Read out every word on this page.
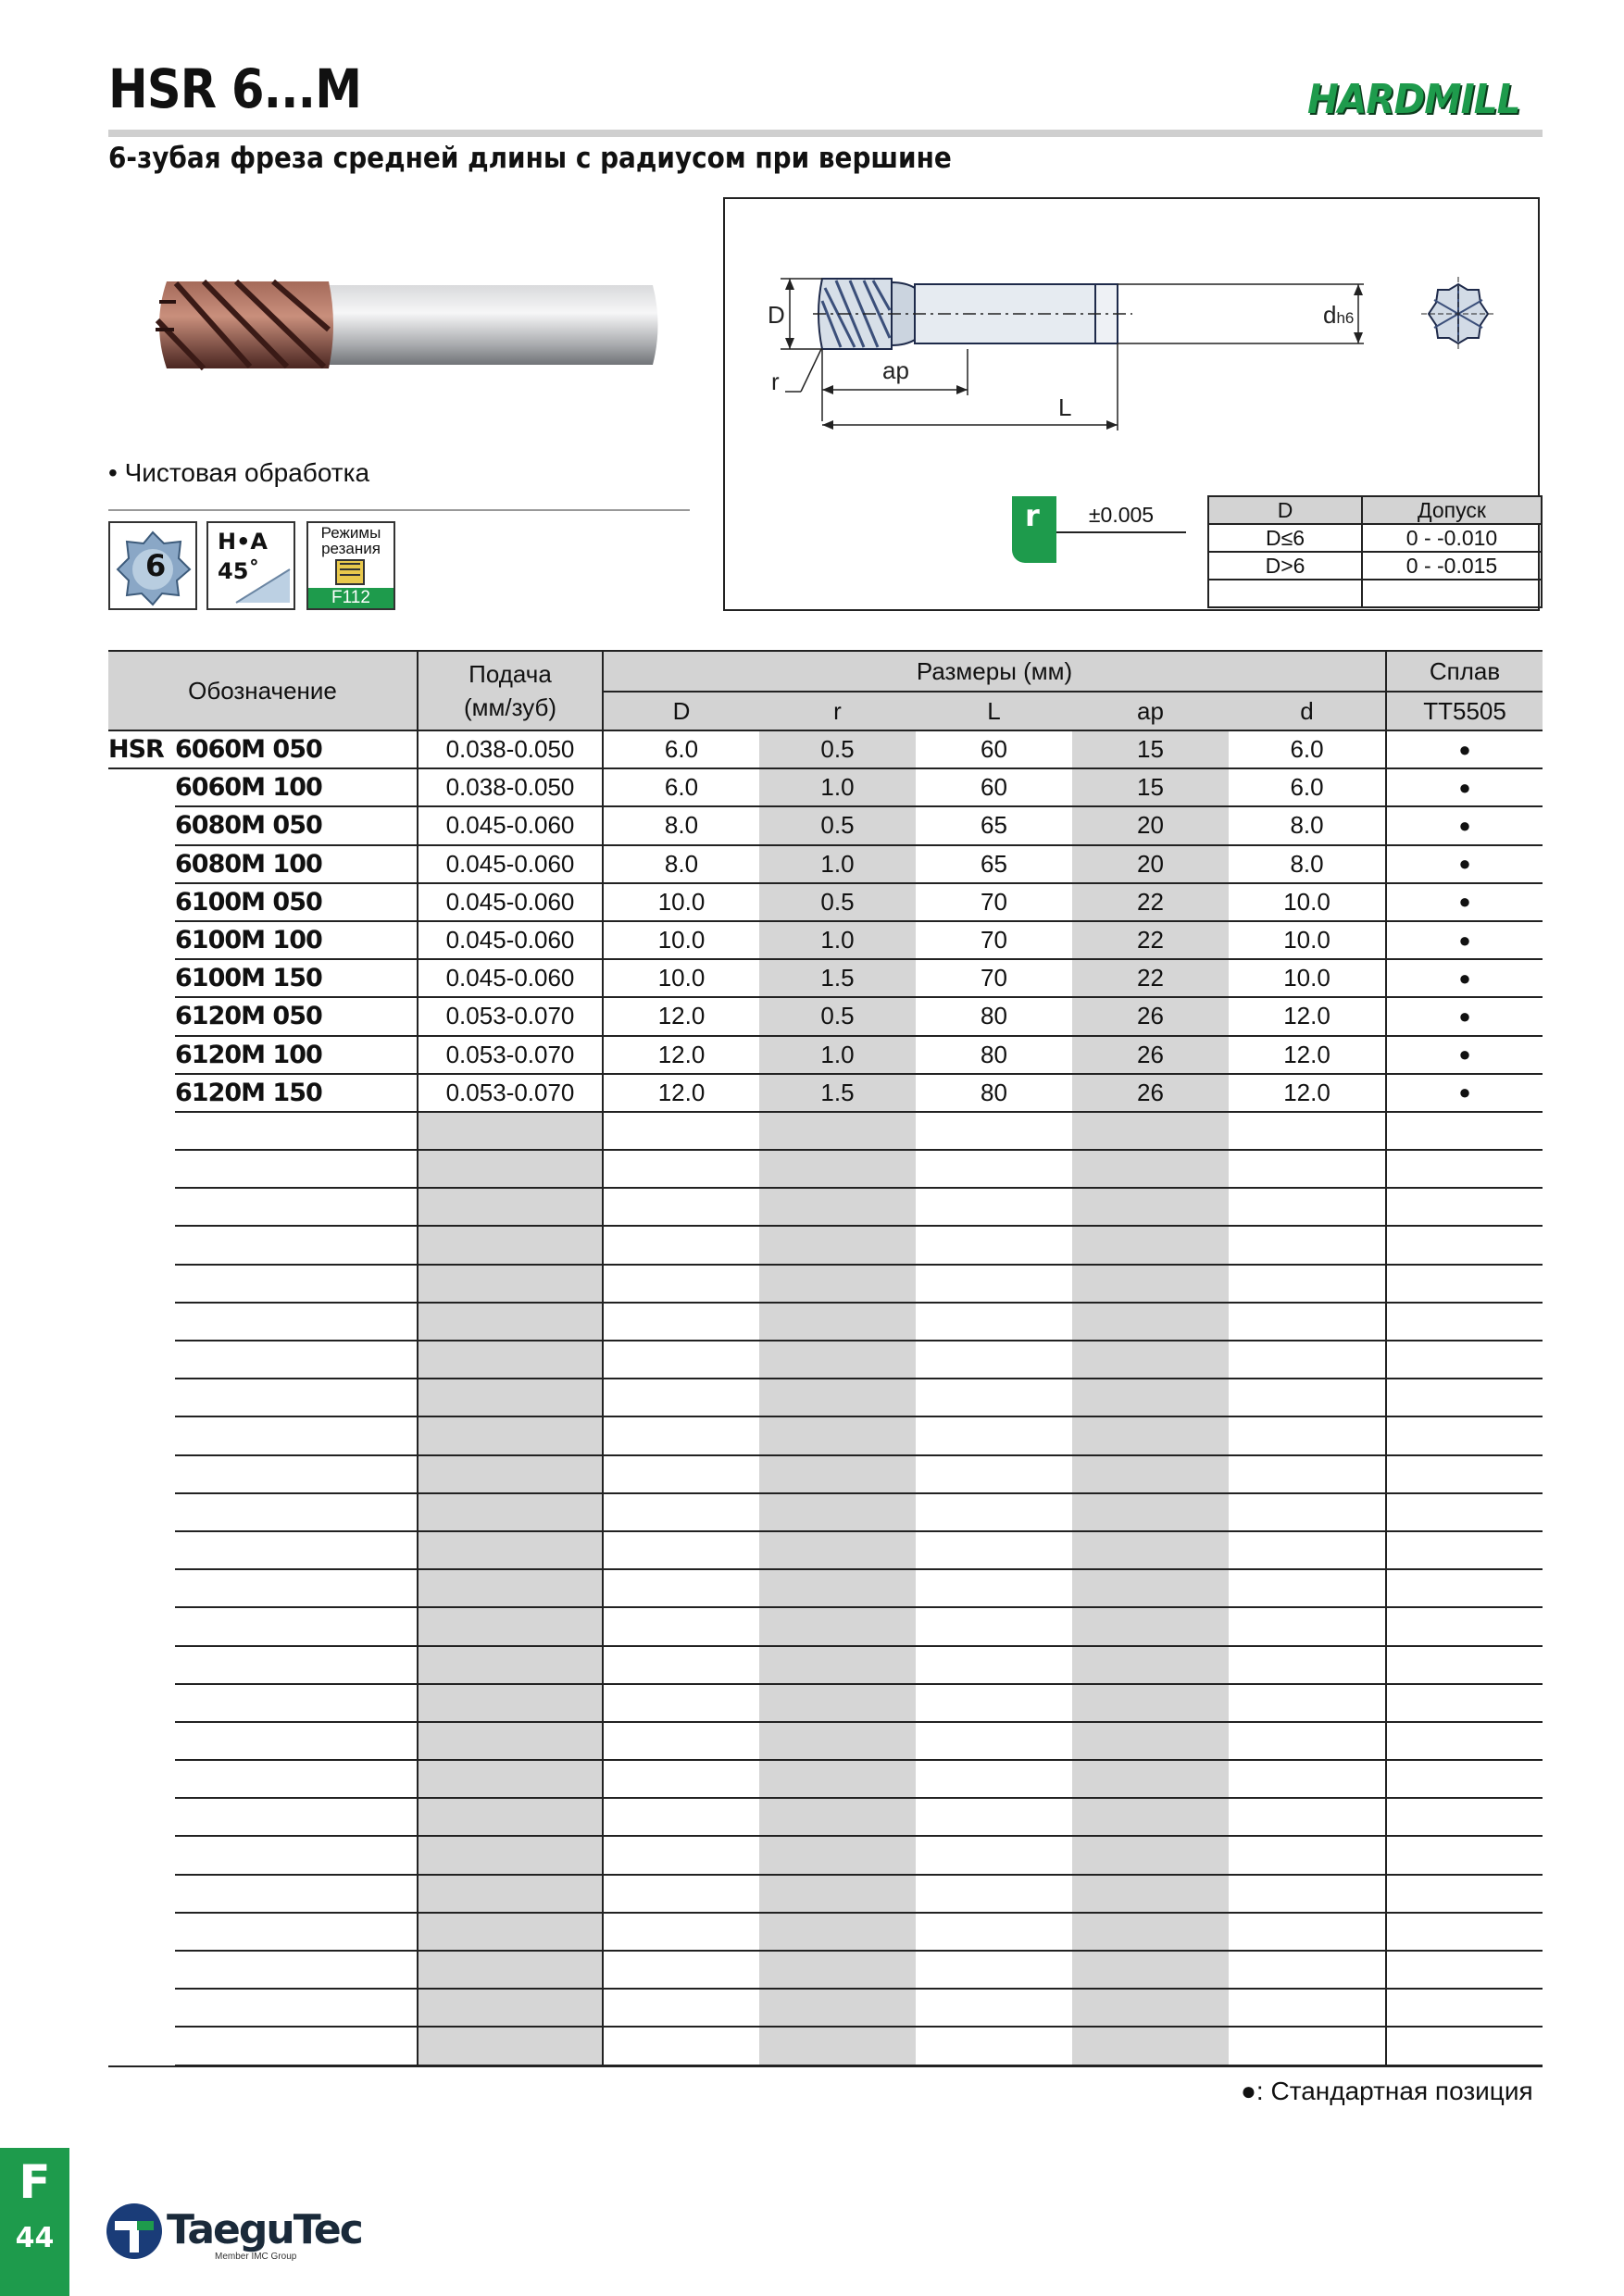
HSR 6...M	HARDMILL
6-зубая фреза средней длины с радиусом при вершине
• Чистовая обработка
6
H•A
45˚
Режимы резания
F112
D	dh6
r	ap
L
r	±0.005	D	Допуск
D≤6	0 - -0.010
D>6	0 - -0.015

Обозначение		Подача
(мм/зуб)	Размеры (мм)					Сплав
			D	r	L	ap	d	TT5505
HSR	6060M 050	0.038-0.050	6.0	0.5	60	15	6.0	●
	6060M 100	0.038-0.050	6.0	1.0	60	15	6.0	●
	6080M 050	0.045-0.060	8.0	0.5	65	20	8.0	●
	6080M 100	0.045-0.060	8.0	1.0	65	20	8.0	●
	6100M 050	0.045-0.060	10.0	0.5	70	22	10.0	●
	6100M 100	0.045-0.060	10.0	1.0	70	22	10.0	●
	6100M 150	0.045-0.060	10.0	1.5	70	22	10.0	●
	6120M 050	0.053-0.070	12.0	0.5	80	26	12.0	●
	6120M 100	0.053-0.070	12.0	1.0	80	26	12.0	●
	6120M 150	0.053-0.070	12.0	1.5	80	26	12.0	●

●: Стандартная позиция
F
44	TaeguTec
Member IMC Group
